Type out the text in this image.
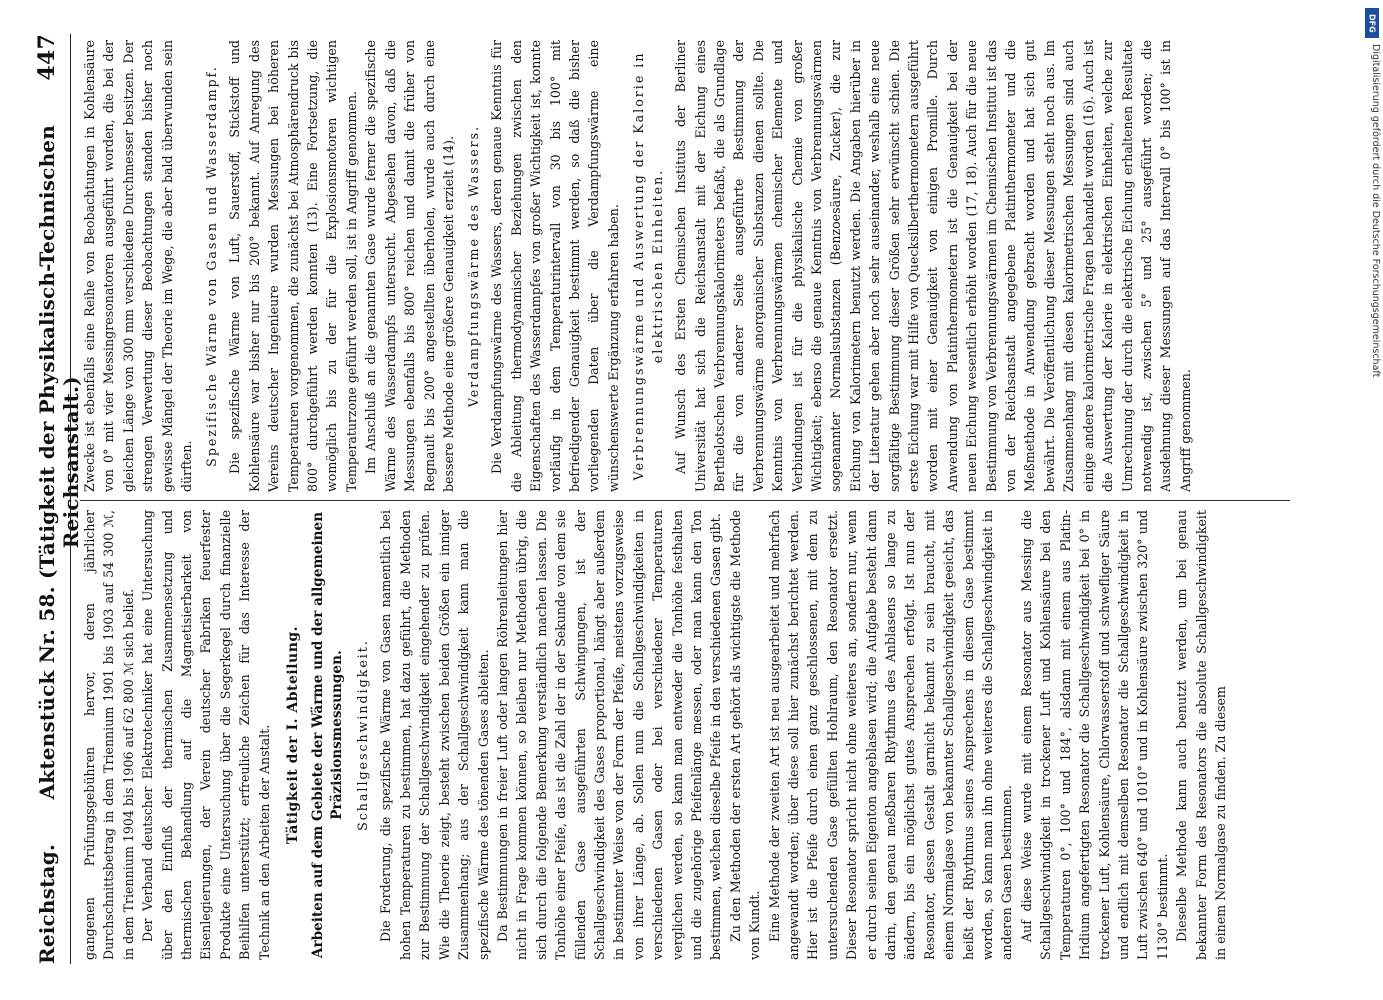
Reichstag.
Aktenstück Nr. 58. (Tätigkeit der Physikalisch-Technischen Reichsanstalt.)
447

gangenen Prüfungsgebühren hervor, deren jährlicher Durchschnittsbetrag in dem Triennium 1901 bis 1903 auf 54 300 ℳ, in dem Triennium 1904 bis 1906 auf 62 800 ℳ sich belief. Der Verband deutscher Elektrotechniker hat eine Untersuchung über den Einfluß der thermischen Zusammensetzung und thermischen Behandlung auf die Magnetisierbarkeit von Eisenlegierungen, der Verein deutscher Fabriken feuerfester Produkte eine Untersuchung über die Segerkegel durch finanzielle Beihilfen unterstützt; erfreuliche Zeichen für das Interesse der Technik an den Arbeiten der Anstalt. Tätigkeit der I. Abteilung. Arbeiten auf dem Gebiete der Wärme und der allgemeinen Präzisionsmessungen. Schallgeschwindigkeit. Die Forderung, die spezifische Wärme von Gasen namentlich bei hohen Temperaturen zu bestimmen, hat dazu geführt, die Methoden zur Bestimmung der Schallgeschwindigkeit eingehender zu prüfen. Wie die Theorie zeigt, besteht zwischen beiden Größen ein inniger Zusammenhang; aus der Schallgeschwindigkeit kann man die spezifische Wärme des tönenden Gases ableiten. Da Bestimmungen in freier Luft oder langen Röhrenleitungen hier nicht in Frage kommen können, so bleiben nur Methoden übrig, die sich durch die folgende Bemerkung verständlich machen lassen. Die Tonhöhe einer Pfeife, das ist die Zahl der in der Sekunde von dem sie füllenden Gase ausgeführten Schwingungen, ist der Schallgeschwindigkeit des Gases proportional, hängt aber außerdem in bestimmter Weise von der Form der Pfeife, meistens vorzugsweise von ihrer Länge, ab. Sollen nun die Schallgeschwindigkeiten in verschiedenen Gasen oder bei verschiedener Temperaturen verglichen werden, so kann man entweder die Tonhöhe festhalten und die zugehörige Pfeifenlänge messen, oder man kann den Ton bestimmen, welchen dieselbe Pfeife in den verschiedenen Gasen gibt. Zu den Methoden der ersten Art gehört als wichtigste die Methode von Kundt. Eine Methode der zweiten Art ist neu ausgearbeitet und mehrfach angewandt worden; über diese soll hier zunächst berichtet werden. Hier ist die Pfeife durch einen ganz geschlossenen, mit dem zu untersuchenden Gase gefüllten Hohlraum, den Resonator ersetzt. Dieser Resonator spricht nicht ohne weiteres an, sondern nur, wenn er durch seinen Eigenton angeblasen wird; die Aufgabe besteht dann darin, den genau meßbaren Rhythmus des Anblasens so lange zu ändern, bis ein möglichst gutes Ansprechen erfolgt. Ist nun der Resonator, dessen Gestalt garnicht bekannt zu sein braucht, mit einem Normalgase von bekannter Schallgeschwindigkeit geeicht, das heißt der Rhythmus seines Ansprechens in diesem Gase bestimmt worden, so kann man ihn ohne weiteres die Schallgeschwindigkeit in anderen Gasen bestimmen. Auf diese Weise wurde mit einem Resonator aus Messing die Schallgeschwindigkeit in trockener Luft und Kohlensäure bei den Temperaturen 0°, 100° und 184°, alsdann mit einem aus Platin-Iridium angefertigten Resonator die Schallgeschwindigkeit bei 0° in trockener Luft, Kohlensäure, Chlorwasserstoff und schwefliger Säure und endlich mit demselben Resonator die Schallgeschwindigkeit in Luft zwischen 640° und 1010° und in Kohlensäure zwischen 320° und 1130° bestimmt. Dieselbe Methode kann auch benutzt werden, um bei genau bekannter Form des Resonators die absolute Schallgeschwindigkeit in einem Normalgase zu finden. Zu diesem

Zwecke ist ebenfalls eine Reihe von Beobachtungen in Kohlensäure von 0° mit vier Messingresonatoren ausgeführt worden, die bei der gleichen Länge von 300 mm verschiedene Durchmesser besitzen. Der strengen Verwertung dieser Beobachtungen standen bisher noch gewisse Mängel der Theorie im Wege, die aber bald überwunden sein dürften. Spezifische Wärme von Gasen und Wasserdampf. Die spezifische Wärme von Luft, Sauerstoff, Stickstoff und Kohlensäure war bisher nur bis 200° bekannt. Auf Anregung des Vereins deutscher Ingenieure wurden Messungen bei höheren Temperaturen vorgenommen, die zunächst bei Atmosphärendruck bis 800° durchgeführt werden konnten (13). Eine Fortsetzung, die womöglich bis zu der für die Explosionsmotoren wichtigen Temperaturzone geführt werden soll, ist in Angriff genommen. Im Anschluß an die genannten Gase wurde ferner die spezifische Wärme des Wasserdampfs untersucht. Abgesehen davon, daß die Messungen ebenfalls bis 800° reichen und damit die früher von Regnault bis 200° angestellten überholen, wurde auch durch eine bessere Methode eine größere Genauigkeit erzielt (14). Verdampfungswärme des Wassers. Die Verdampfungswärme des Wassers, deren genaue Kenntnis für die Ableitung thermodynamischer Beziehungen zwischen den Eigenschaften des Wasserdampfes von großer Wichtigkeit ist, konnte vorläufig in dem Temperaturintervall von 30 bis 100° mit befriedigender Genauigkeit bestimmt werden, so daß die bisher vorliegenden Daten über die Verdampfungswärme eine wünschenswerte Ergänzung erfahren haben. Verbrennungswärme und Auswertung der Kalorie in elektrischen Einheiten. Auf Wunsch des Ersten Chemischen Instituts der Berliner Universität hat sich die Reichsanstalt mit der Eichung eines Berthelotschen Verbrennungskalorimeters befaßt, die als Grundlage für die von anderer Seite ausgeführte Bestimmung der Verbrennungswärme anorganischer Substanzen dienen sollte. Die Kenntnis von Verbrennungswärmen chemischer Elemente und Verbindungen ist für die physikalische Chemie von großer Wichtigkeit; ebenso die genaue Kenntnis von Verbrennungswärmen sogenannter Normalsubstanzen (Benzoesäure, Zucker), die zur Eichung von Kalorimetern benutzt werden. Die Angaben hierüber in der Literatur gehen aber noch sehr auseinander, weshalb eine neue sorgfältige Bestimmung dieser Größen sehr erwünscht schien. Die erste Eichung war mit Hilfe von Quecksilberthermometern ausgeführt worden mit einer Genauigkeit von einigen Promille. Durch Anwendung von Platinthermometern ist die Genauigkeit bei der neuen Eichung wesentlich erhöht worden (17, 18). Auch für die neue Bestimmung von Verbrennungswärmen im Chemischen Institut ist das von der Reichsanstalt angegebene Platinthermometer und die Meßmethode in Anwendung gebracht worden und hat sich gut bewährt. Die Veröffentlichung dieser Messungen steht noch aus. Im Zusammenhang mit diesen kalorimetrischen Messungen sind auch einige andere kalorimetrische Fragen behandelt worden (16). Auch ist die Auswertung der Kalorie in elektrischen Einheiten, welche zur Umrechnung der durch die elektrische Eichung erhaltenen Resultate notwendig ist, zwischen 5° und 25° ausgeführt worden; die Ausdehnung dieser Messungen auf das Intervall 0° bis 100° ist in Angriff genommen.

DFG
Digitalisierung gefördert durch die Deutsche Forschungsgemeinschaft
